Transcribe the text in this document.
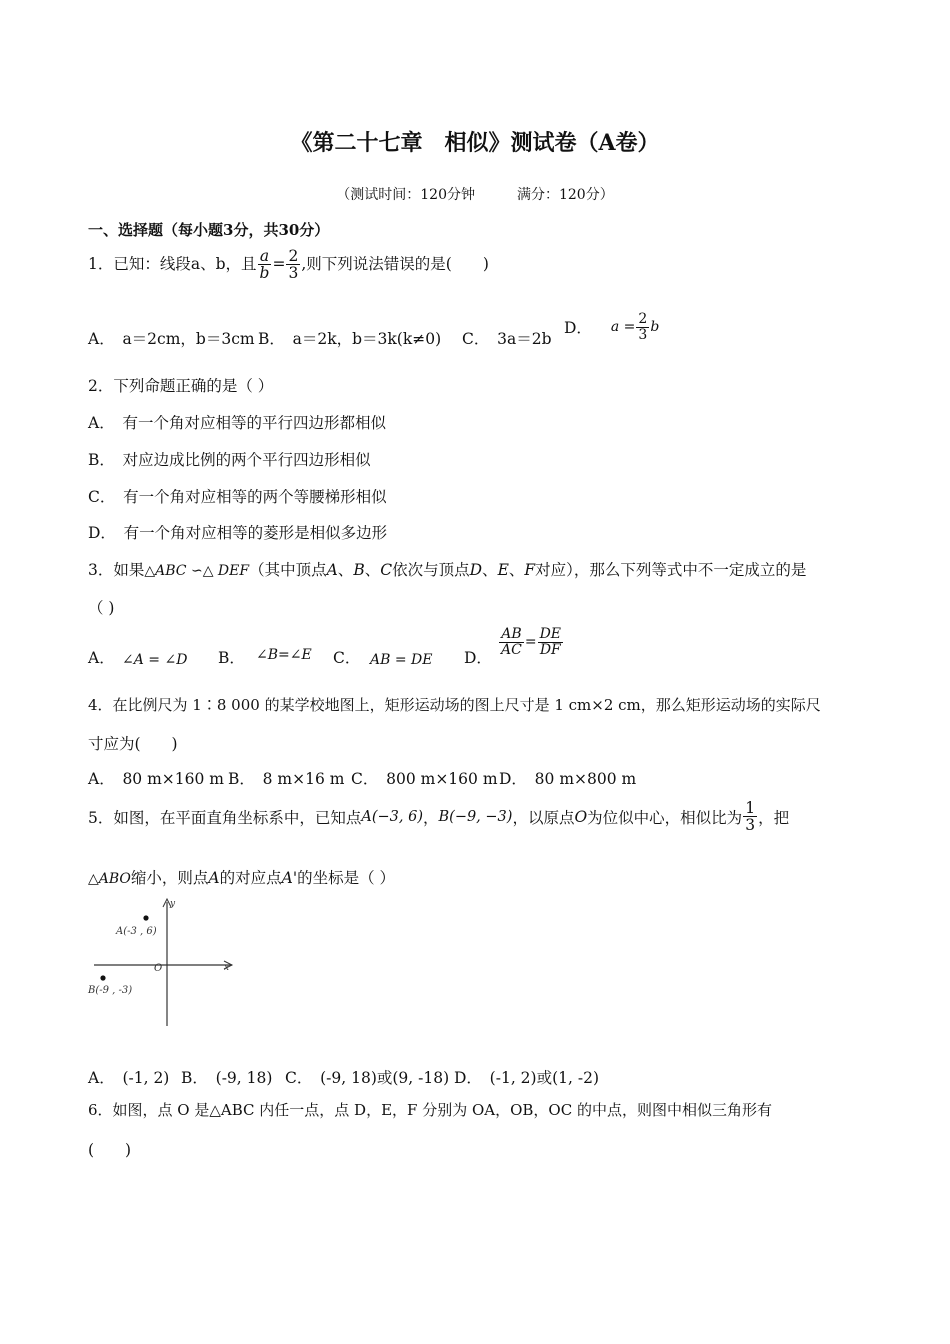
《第二十七章　相似》测试卷（A卷）
（测试时间：120分钟　　　满分：120分）
一、选择题（每小题3分，共30分）
1．已知：线段a、b，且 $\frac{a}{b} = \frac{2}{3}$ ,则下列说法错误的是(　　)
A．　a＝2cm，b＝3cm B．　a＝2k，b＝3k(k≠0) C．　3a＝2b
D． $a = \frac{2}{3}$ b
2．下列命题正确的是（ ）
A．　有一个角对应相等的平行四边形都相似
B．　对应边成比例的两个平行四边形相似
C．　有一个角对应相等的两个等腰梯形相似
D．　有一个角对应相等的菱形是相似多边形
3．如果△ABC ∽△ DEF（其中顶点A、B、C依次与顶点D、E、F对应），那么下列等式中不一定成立的是
（ )
A． ∠A = ∠D B． ∠B=∠E C． AB = DE D．
$\frac{AB}{AC} = \frac{DE}{DF}$
4．在比例尺为 1∶8 000 的某学校地图上，矩形运动场的图上尺寸是 1 cm×2 cm，那么矩形运动场的实际尺
寸应为(　　)
A．　80 m×160 m B．　8 m×16 m C．　800 m×160 m D．　80 m×800 m
5．如图，在平面直角坐标系中，已知点A(−3, 6)，B(−9, −3)，以原点O为位似中心，相似比为 $\frac{1}{3}$ ，把
△ABO缩小，则点A的对应点A'的坐标是（ ）
y
x
O
A(-3 , 6)
B(-9 , -3)
A．　(-1, 2) B．　(-9, 18) C．　(-9, 18)或(9, -18) D．　(-1, 2)或(1, -2)
6．如图，点 O 是△ABC 内任一点，点 D，E，F 分别为 OA，OB，OC 的中点，则图中相似三角形有
(　　)
